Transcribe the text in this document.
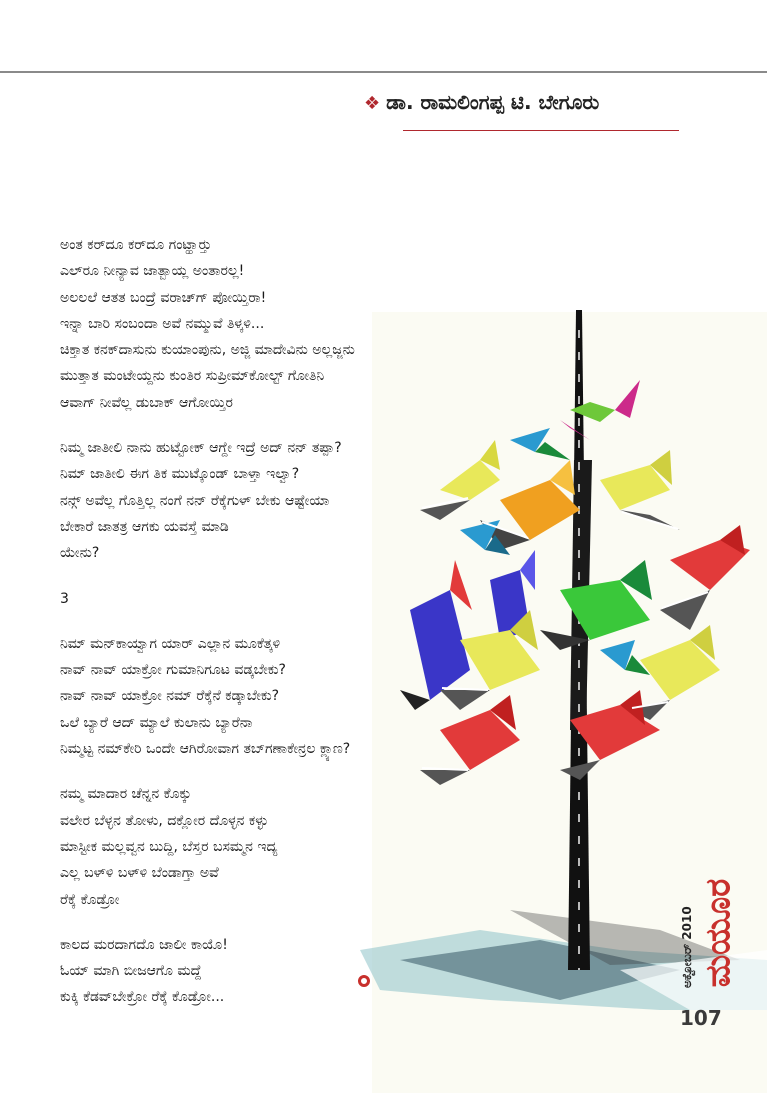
❖ ಡಾ. ರಾಮಲಿಂಗಪ್ಪ ಟಿ. ಬೇಗೂರು
ಅಂತ ಕರ್‌ದೂ ಕರ್‌ದೂ ಗಂಟ್ಹಾರ್‍ತು
ಎಲ್‌ರೂ ನೀನ್ಯಾವ ಜಾತ್ಬಾಯ್ಲ ಅಂತಾರಲ್ಲ!
ಅಲಲಲೆ ಆತತ ಬಂದ್ರೆ ವರಾಚ್‌ಗ್ ಪೋಯ್ತಿರಾ!
ಇನ್ನಾ ಬಾರಿ ಸಂಬಂದಾ ಅವೆ ನಮ್ಮುವೆ ತಿಳ್ಕಳಿ...
ಚಿಕ್ತಾತ ಕನಕ್‌ದಾಸುನು ಕುಯಾಂಪುನು, ಅಜ್ಜಿ ಮಾದೇವಿನು ಅಲ್ಲಜ್ಜನು
ಮುತ್ತಾತ ಮಂಟೇಯ್ದನು ಕುಂತಿರ ಸುಪ್ರೀಮ್‌ಕೋಲ್ಟ್ ಗೋತಿನಿ
ಆವಾಗ್ ನೀವೆಲ್ಲ ಡುಬಾಕ್ ಆಗೋಯ್ತಿರ
ನಿಮ್ಮ ಜಾತೀಲಿ ನಾನು ಹುಟ್ಟೋಕ್ ಆಗ್ದೇ ಇದ್ರೆ ಅದ್ ನನ್ ತಪ್ಪಾ?
ನಿಮ್ ಜಾತೀಲಿ ಈಗ ತಿಕ ಮುಟ್ಕೊಂಡ್ ಬಾಳ್ತಾ ಇಲ್ವಾ?
ನನ್ಗ್ ಅವೆಲ್ಲ ಗೊತ್ತಿಲ್ಲ ನಂಗೆ ನನ್ ರೆಕ್ಕೆಗುಳ್ ಬೇಕು ಆಷ್ಟೇಯಾ
ಬೇಕಾರೆ ಜಾತತ್ರ ಆಗಕು ಯವಸ್ತೆ ಮಾಡಿ
ಯೇನು?
3
ನಿಮ್ ಮನ್‌ಕಾಯ್ವಾಗ ಯಾರ್ ಎಲ್ಲಾನ ಮೂಕೆತ್ಕಳಿ
ನಾವ್ ನಾವ್ ಯಾಕ್ರೋ ಗುಮಾನಿಗೂಟ ವಡ್ಕಬೇಕು?
ನಾವ್ ನಾವ್ ಯಾಕ್ರೋ ನಮ್ ರೆಕ್ಕೆನೆ ಕಡ್ಕಾಬೇಕು?
ಒಲೆ ಬ್ಯಾರೆ ಆದ್ ಮ್ಯಾಲೆ ಕುಲಾನು ಬ್ಯಾರೆನಾ
ನಿಮ್ಮಟ್ಟ ನಮ್‌ಕೇರಿ ಒಂದೇ ಆಗಿರೋವಾಗ ತಬ್‌ಗಣಾಕೇನ್ರಲ ಕ್ಲ್ಯಾಣ?
ನಮ್ಮ ಮಾದಾರ ಚೆನ್ನನ ಕೊಕ್ಕು
ವಲೇರ ಬೆಳ್ಳನ ತೋಳು, ದಕ್ಲೋರ ದೊಳ್ಳನ ಕಳ್ಳು
ಮಾಸ್ಟೀಕ ಮಲ್ಲವ್ವನ ಬುದ್ದಿ, ಬೆಸ್ತರ ಬಸಮ್ಮನ ಇದ್ಯ
ಎಲ್ಲ ಬಳ್‌ಳಿ ಬಳ್‌ಳಿ ಬೆಂಡಾಗ್ತಾ ಅವೆ
ರೆಕ್ಕೆ ಕೊಡ್ರೋ
ಕಾಲದ ಮರದಾಗದೊ ಜಾಲೀ ಕಾಯೊ!
ಓಯ್ ಮಾಗಿ ಬೀಜಆಗೊ ಮದ್ದೆ
ಕುಕ್ಕಿ ಕೆಡವ್‌ಬೇಕ್ರೋ ರೆಕ್ಕೆ ಕೊಡ್ರೋ...
ಅಕ್ಟೋಬರ್ 2010 ಮಯೂರ
107
